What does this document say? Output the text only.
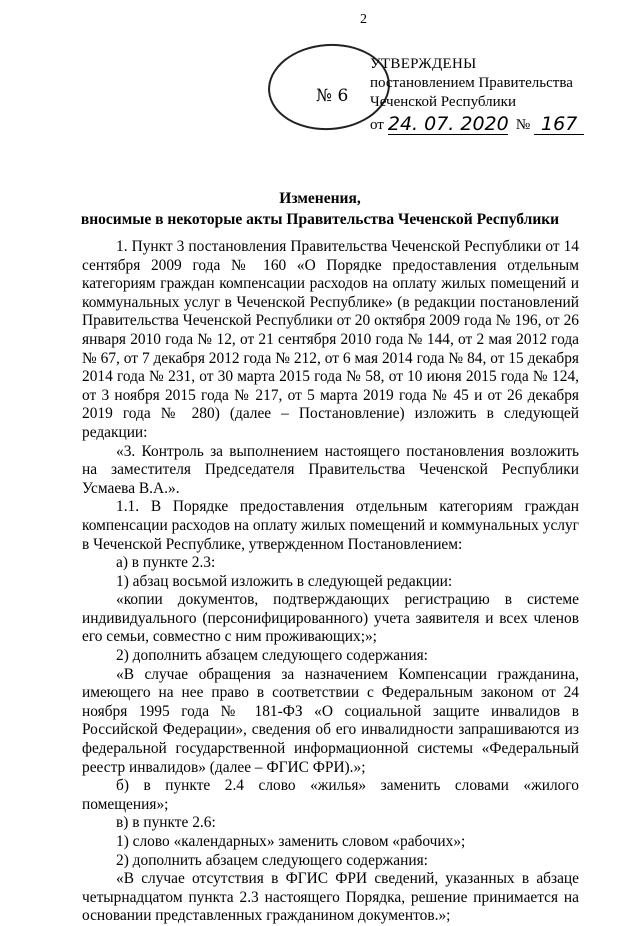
2
№ 6
УТВЕРЖДЕНЫ
постановлением Правительства
Чеченской Республики
от 24. 07. 2020 № 167
Изменения,
вносимые в некоторые акты Правительства Чеченской Республики

1. Пункт 3 постановления Правительства Чеченской Республики от 14 сентября 2009 года № 160 «О Порядке предоставления отдельным категориям граждан компенсации расходов на оплату жилых помещений и коммунальных услуг в Чеченской Республике» (в редакции постановлений Правительства Чеченской Республики от 20 октября 2009 года № 196, от 26 января 2010 года № 12, от 21 сентября 2010 года № 144, от 2 мая 2012 года № 67, от 7 декабря 2012 года № 212, от 6 мая 2014 года № 84, от 15 декабря 2014 года № 231, от 30 марта 2015 года № 58, от 10 июня 2015 года № 124, от 3 ноября 2015 года № 217, от 5 марта 2019 года № 45 и от 26 декабря 2019 года № 280) (далее – Постановление) изложить в следующей редакции:

«3. Контроль за выполнением настоящего постановления возложить на заместителя Председателя Правительства Чеченской Республики Усмаева В.А.».

1.1. В Порядке предоставления отдельным категориям граждан компенсации расходов на оплату жилых помещений и коммунальных услуг в Чеченской Республике, утвержденном Постановлением:

а) в пункте 2.3:

1) абзац восьмой изложить в следующей редакции:

«копии документов, подтверждающих регистрацию в системе индивидуального (персонифицированного) учета заявителя и всех членов его семьи, совместно с ним проживающих;»;

2) дополнить абзацем следующего содержания:

«В случае обращения за назначением Компенсации гражданина, имеющего на нее право в соответствии с Федеральным законом от 24 ноября 1995 года № 181-ФЗ «О социальной защите инвалидов в Российской Федерации», сведения об его инвалидности запрашиваются из федеральной государственной информационной системы «Федеральный реестр инвалидов» (далее – ФГИС ФРИ).»;

б) в пункте 2.4 слово «жилья» заменить словами «жилого помещения»;

в) в пункте 2.6:

1) слово «календарных» заменить словом «рабочих»;

2) дополнить абзацем следующего содержания:

«В случае отсутствия в ФГИС ФРИ сведений, указанных в абзаце четырнадцатом пункта 2.3 настоящего Порядка, решение принимается на основании представленных гражданином документов.»;
